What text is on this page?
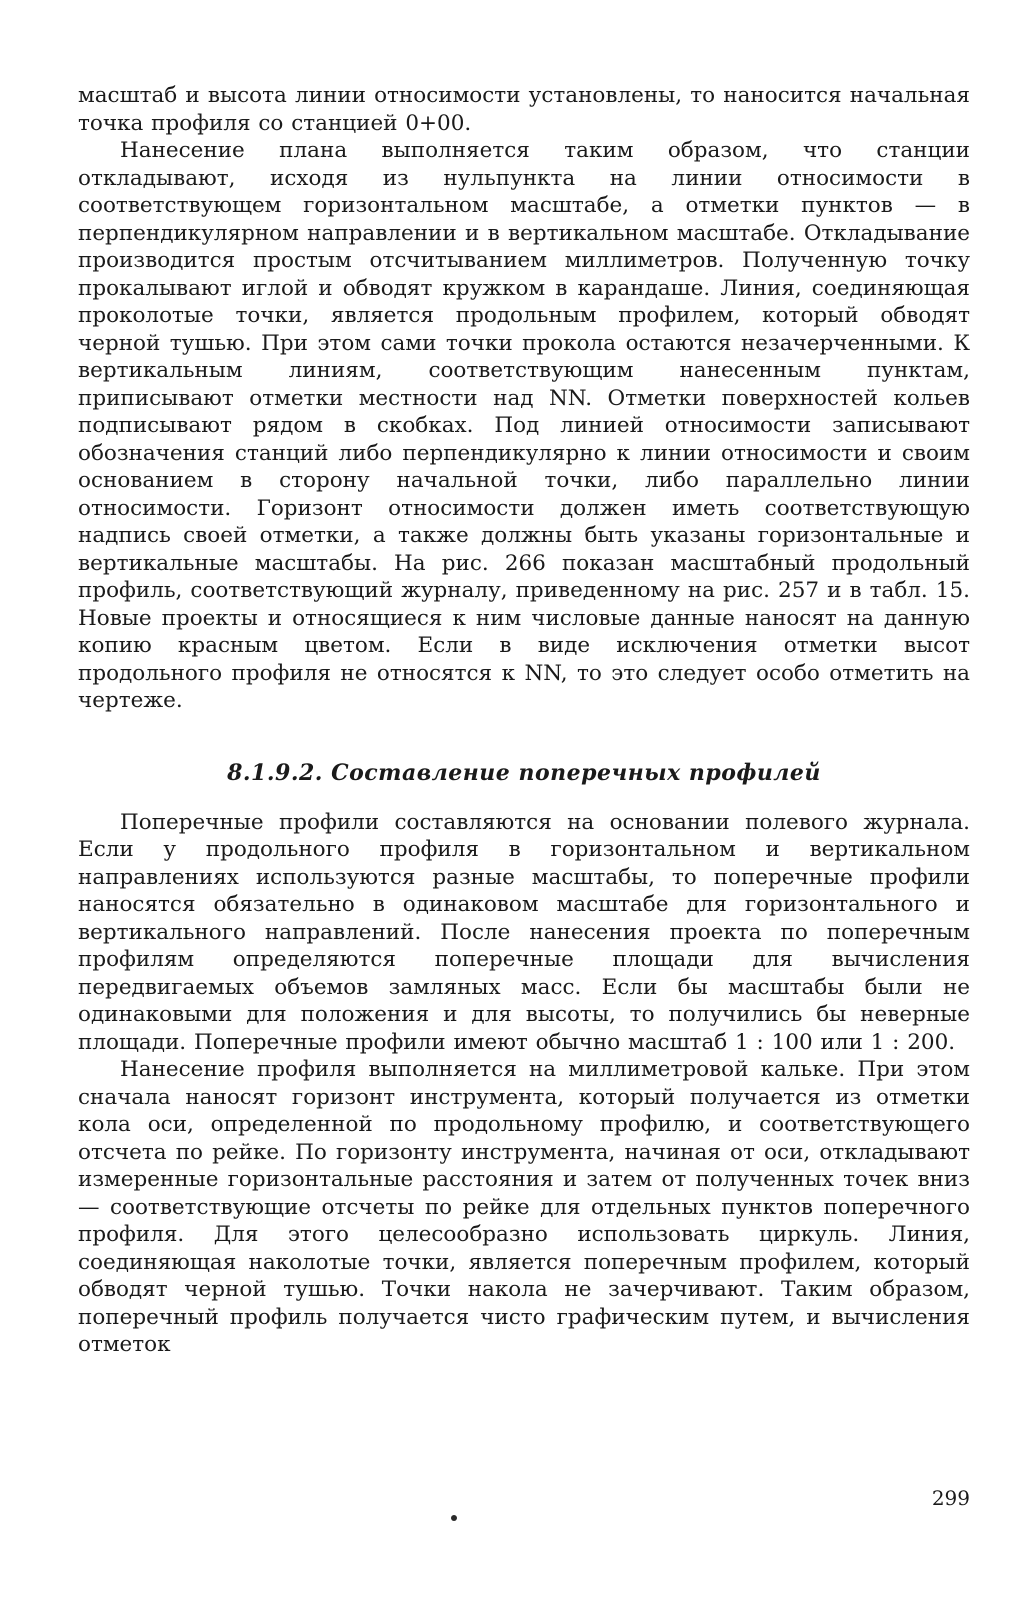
масштаб и высота линии относимости установлены, то наносится начальная точка профиля со станцией 0+00.

Нанесение плана выполняется таким образом, что станции откладывают, исходя из нульпункта на линии относимости в соответствующем горизонтальном масштабе, а отметки пунктов — в перпендикулярном направлении и в вертикальном масштабе. Откладывание производится простым отсчитыванием миллиметров. Полученную точку прокалывают иглой и обводят кружком в карандаше. Линия, соединяющая проколотые точки, является продольным профилем, который обводят черной тушью. При этом сами точки прокола остаются незачерченными. К вертикальным линиям, соответствующим нанесенным пунктам, приписывают отметки местности над NN. Отметки поверхностей кольев подписывают рядом в скобках. Под линией относимости записывают обозначения станций либо перпендикулярно к линии относимости и своим основанием в сторону начальной точки, либо параллельно линии относимости. Горизонт относимости должен иметь соответствующую надпись своей отметки, а также должны быть указаны горизонтальные и вертикальные масштабы. На рис. 266 показан масштабный продольный профиль, соответствующий журналу, приведенному на рис. 257 и в табл. 15. Новые проекты и относящиеся к ним числовые данные наносят на данную копию красным цветом. Если в виде исключения отметки высот продольного профиля не относятся к NN, то это следует особо отметить на чертеже.

8.1.9.2. Составление поперечных профилей

Поперечные профили составляются на основании полевого журнала. Если у продольного профиля в горизонтальном и вертикальном направлениях используются разные масштабы, то поперечные профили наносятся обязательно в одинаковом масштабе для горизонтального и вертикального направлений. После нанесения проекта по поперечным профилям определяются поперечные площади для вычисления передвигаемых объемов замляных масс. Если бы масштабы были не одинаковыми для положения и для высоты, то получились бы неверные площади. Поперечные профили имеют обычно масштаб 1 : 100 или 1 : 200.

Нанесение профиля выполняется на миллиметровой кальке. При этом сначала наносят горизонт инструмента, который получается из отметки кола оси, определенной по продольному профилю, и соответствующего отсчета по рейке. По горизонту инструмента, начиная от оси, откладывают измеренные горизонтальные расстояния и затем от полученных точек вниз — соответствующие отсчеты по рейке для отдельных пунктов поперечного профиля. Для этого целесообразно использовать циркуль. Линия, соединяющая наколотые точки, является поперечным профилем, который обводят черной тушью. Точки накола не зачерчивают. Таким образом, поперечный профиль получается чисто графическим путем, и вычисления отметок

299
